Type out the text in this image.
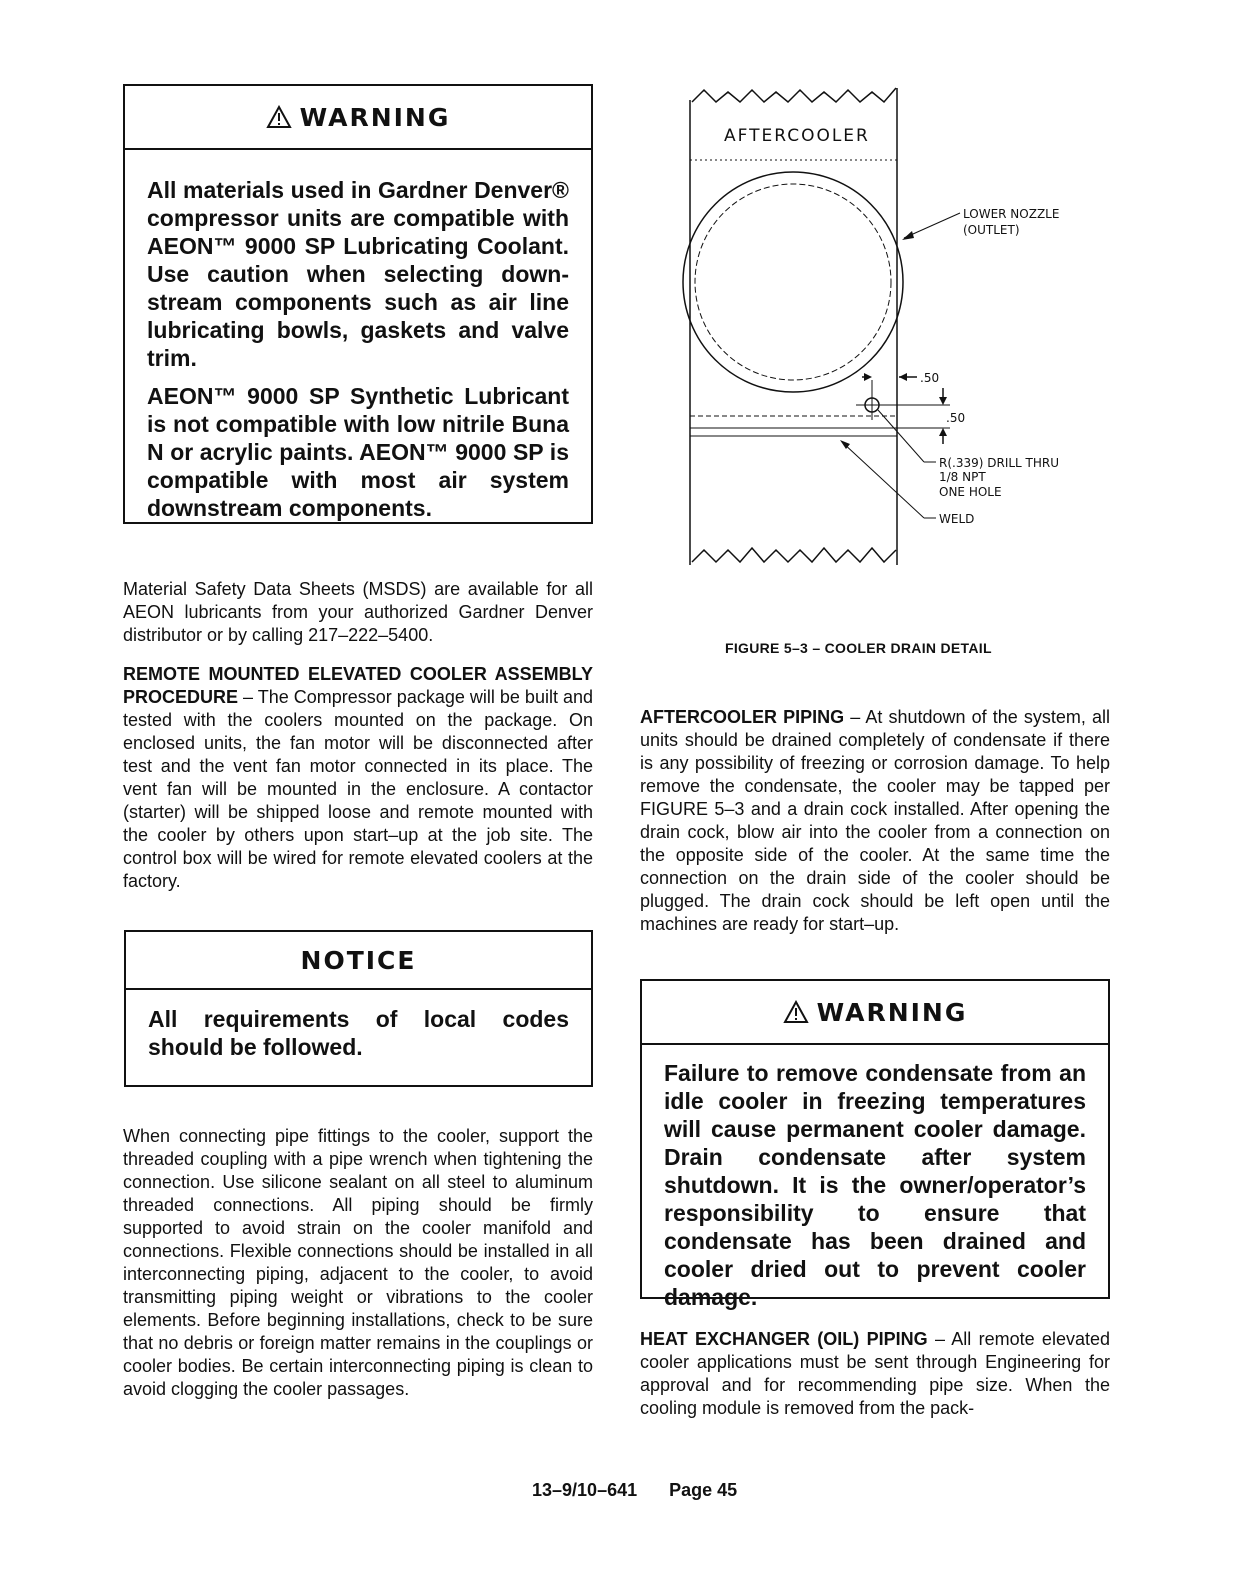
WARNING

All materials used in Gardner Denver® compressor units are compatible with AEON™ 9000 SP Lubricating Coolant. Use caution when selecting down-stream components such as air line lubricating bowls, gaskets and valve trim.

AEON™ 9000 SP Synthetic Lubricant is not compatible with low nitrile Buna N or acrylic paints. AEON™ 9000 SP is compatible with most air system downstream components.

Material Safety Data Sheets (MSDS) are available for all AEON lubricants from your authorized Gardner Denver distributor or by calling 217–222–5400.

REMOTE MOUNTED ELEVATED COOLER ASSEMBLY PROCEDURE – The Compressor package will be built and tested with the coolers mounted on the package. On enclosed units, the fan motor will be disconnected after test and the vent fan motor connected in its place. The vent fan will be mounted in the enclosure. A contactor (starter) will be shipped loose and remote mounted with the cooler by others upon start–up at the job site. The control box will be wired for remote elevated coolers at the factory.

NOTICE

All requirements of local codes should be followed.

When connecting pipe fittings to the cooler, support the threaded coupling with a pipe wrench when tightening the connection. Use silicone sealant on all steel to aluminum threaded connections. All piping should be firmly supported to avoid strain on the cooler manifold and connections. Flexible connections should be installed in all interconnecting piping, adjacent to the cooler, to avoid transmitting piping weight or vibrations to the cooler elements. Before beginning installations, check to be sure that no debris or foreign matter remains in the couplings or cooler bodies. Be certain interconnecting piping is clean to avoid clogging the cooler passages.

AFTERCOOLER
LOWER NOZZLE
(OUTLET)
.50
.50
R(.339) DRILL THRU
1/8 NPT
ONE HOLE
WELD
FIGURE 5–3 – COOLER DRAIN DETAIL

AFTERCOOLER PIPING – At shutdown of the system, all units should be drained completely of condensate if there is any possibility of freezing or corrosion damage. To help remove the condensate, the cooler may be tapped per FIGURE 5–3 and a drain cock installed. After opening the drain cock, blow air into the cooler from a connection on the opposite side of the cooler. At the same time the connection on the drain side of the cooler should be plugged. The drain cock should be left open until the machines are ready for start–up.

WARNING

Failure to remove condensate from an idle cooler in freezing temperatures will cause permanent cooler damage. Drain condensate after system shutdown. It is the owner/operator’s responsibility to ensure that condensate has been drained and cooler dried out to prevent cooler damage.

HEAT EXCHANGER (OIL) PIPING – All remote elevated cooler applications must be sent through Engineering for approval and for recommending pipe size. When the cooling module is removed from the pack-

13–9/10–641 Page 45
